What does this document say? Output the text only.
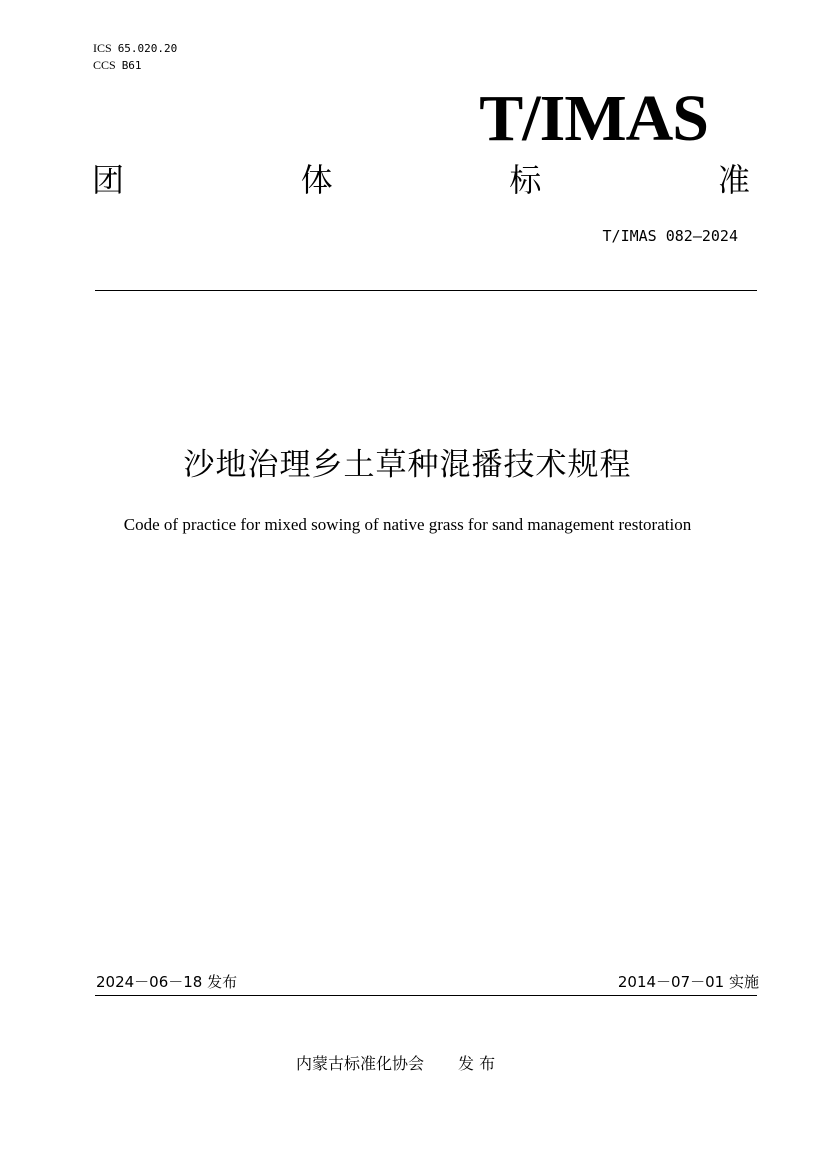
ICS 65.020.20
CCS B61
T/IMAS
团	体	标	准
T/IMAS 082—2024
沙地治理乡土草种混播技术规程
Code of practice for mixed sowing of native grass for sand management restoration
2024－06－18 发布	2014－07－01 实施
内蒙古标准化协会 发 布
